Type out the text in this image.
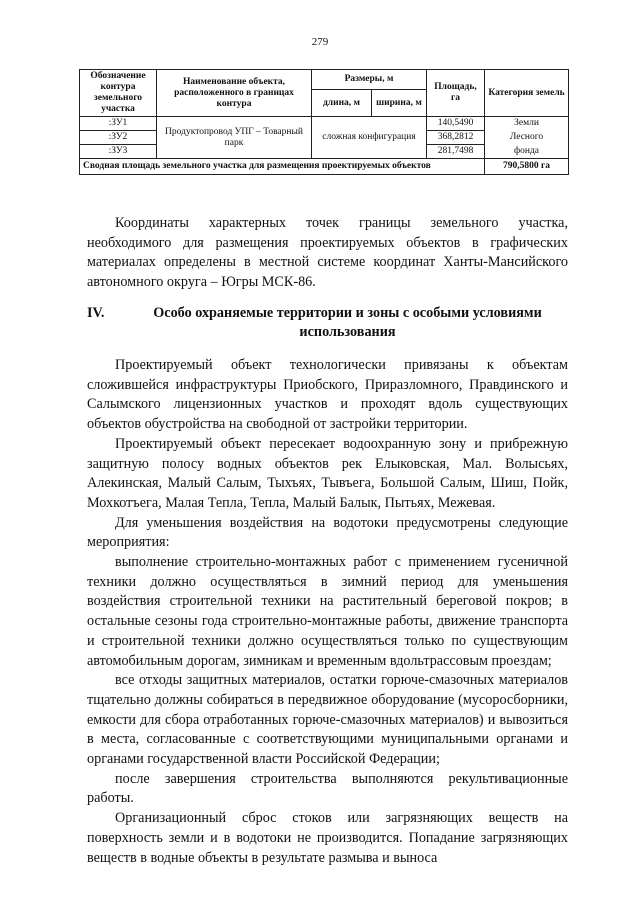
279
Обозначение контура земельного участка	Наименование объекта, расположенного в границах контура	Размеры, м		Площадь, га	Категория земель
		длина, м	ширина, м		
:ЗУ1	Продуктопровод УПГ – Товарный парк	сложная конфигурация		140,5490	Земли
:ЗУ2				368,2812	Лесного
:ЗУ3				281,7498	фонда
Сводная площадь земельного участка для размещения проектируемых объектов					790,5800 га

Координаты характерных точек границы земельного участка, необходимого для размещения проектируемых объектов в графических материалах определены в местной системе координат Ханты-Мансийского автономного округа – Югры МСК-86.

IV.	Особо охраняемые территории и зоны с особыми условиями использования

Проектируемый объект технологически привязаны к объектам сложившейся инфраструктуры Приобского, Приразломного, Правдинского и Салымского лицензионных участков и проходят вдоль существующих объектов обустройства на свободной от застройки территории.

Проектируемый объект пересекает водоохранную зону и прибрежную защитную полосу водных объектов рек Елыковская, Мал. Волысьях, Алекинская, Малый Салым, Тыхъях, Тывъега, Большой Салым, Шиш, Пойк, Мохкотъега, Малая Тепла, Тепла, Малый Балык, Пытьях, Межевая.

Для уменьшения воздействия на водотоки предусмотрены следующие мероприятия:

выполнение строительно-монтажных работ с применением гусеничной техники должно осуществляться в зимний период для уменьшения воздействия строительной техники на растительный береговой покров; в остальные сезоны года строительно-монтажные работы, движение транспорта и строительной техники должно осуществляться только по существующим автомобильным дорогам, зимникам и временным вдольтрассовым проездам;

все отходы защитных материалов, остатки горюче-смазочных материалов тщательно должны собираться в передвижное оборудование (мусоросборники, емкости для сбора отработанных горюче-смазочных материалов) и вывозиться в места, согласованные с соответствующими муниципальными органами и органами государственной власти Российской Федерации;

после завершения строительства выполняются рекультивационные работы.

Организационный сброс стоков или загрязняющих веществ на поверхность земли и в водотоки не производится. Попадание загрязняющих веществ в водные объекты в результате размыва и выноса
